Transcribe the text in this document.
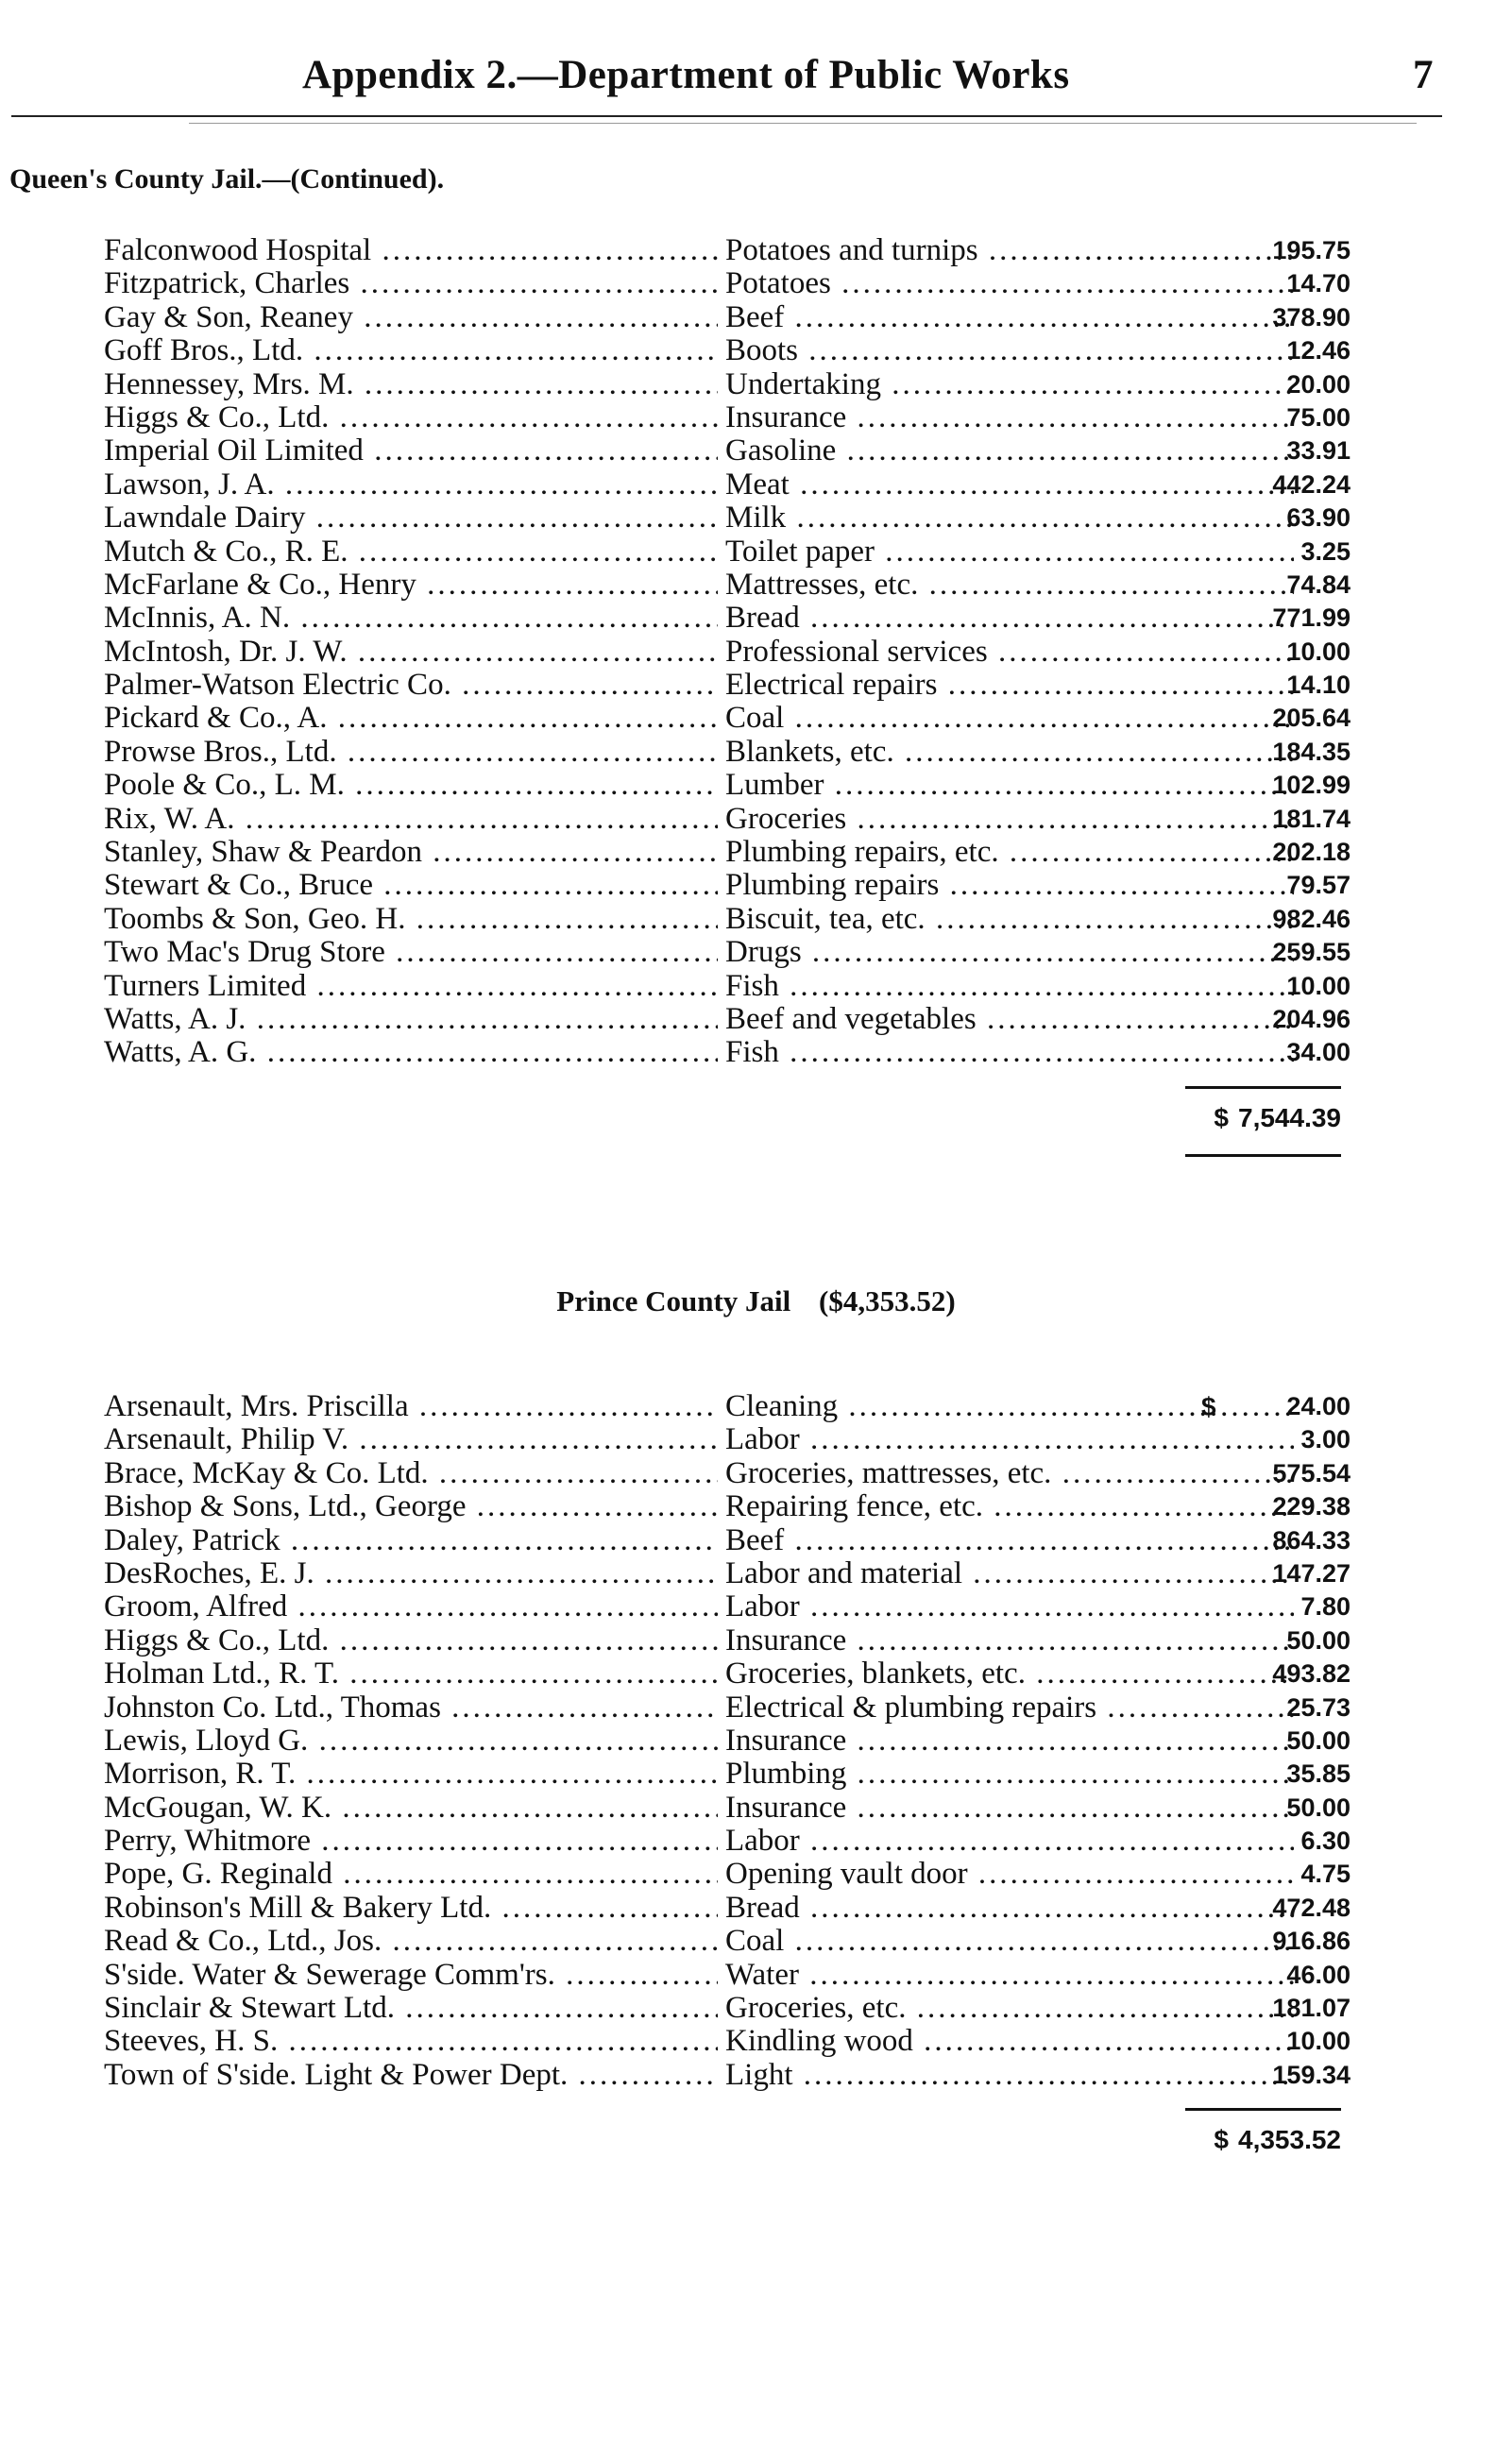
Appendix 2.—Department of Public Works	7
Queen's County Jail.—(Continued).
Falconwood Hospital .....	Potatoes and turnips .....	195.75
Fitzpatrick, Charles .....	Potatoes .....	14.70
Gay & Son, Reaney .....	Beef .....	378.90
Goff Bros., Ltd. .....	Boots .....	12.46
Hennessey, Mrs. M. .....	Undertaking .....	20.00
Higgs & Co., Ltd. .....	Insurance .....	75.00
Imperial Oil Limited .....	Gasoline .....	33.91
Lawson, J. A. .....	Meat .....	442.24
Lawndale Dairy .....	Milk .....	63.90
Mutch & Co., R. E. .....	Toilet paper .....	3.25
McFarlane & Co., Henry .....	Mattresses, etc. .....	74.84
McInnis, A. N. .....	Bread .....	771.99
McIntosh, Dr. J. W. .....	Professional services .....	10.00
Palmer-Watson Electric Co. .....	Electrical repairs .....	14.10
Pickard & Co., A. .....	Coal .....	205.64
Prowse Bros., Ltd. .....	Blankets, etc. .....	184.35
Poole & Co., L. M. .....	Lumber .....	102.99
Rix, W. A. .....	Groceries .....	181.74
Stanley, Shaw & Peardon .....	Plumbing repairs, etc. .....	202.18
Stewart & Co., Bruce .....	Plumbing repairs .....	79.57
Toombs & Son, Geo. H. .....	Biscuit, tea, etc. .....	982.46
Two Mac's Drug Store .....	Drugs .....	259.55
Turners Limited .....	Fish .....	10.00
Watts, A. J. .....	Beef and vegetables .....	204.96
Watts, A. G. .....	Fish .....	34.00
$ 7,544.39
Prince County Jail ($4,353.52)
Arsenault, Mrs. Priscilla .....	Cleaning .....	$	24.00
Arsenault, Philip V. .....	Labor .....	3.00
Brace, McKay & Co. Ltd. .....	Groceries, mattresses, etc. .....	575.54
Bishop & Sons, Ltd., George .....	Repairing fence, etc. .....	229.38
Daley, Patrick .....	Beef .....	864.33
DesRoches, E. J. .....	Labor and material .....	147.27
Groom, Alfred .....	Labor .....	7.80
Higgs & Co., Ltd. .....	Insurance .....	50.00
Holman Ltd., R. T. .....	Groceries, blankets, etc. .....	493.82
Johnston Co. Ltd., Thomas .....	Electrical & plumbing repairs .....	25.73
Lewis, Lloyd G. .....	Insurance .....	50.00
Morrison, R. T. .....	Plumbing .....	35.85
McGougan, W. K. .....	Insurance .....	50.00
Perry, Whitmore .....	Labor .....	6.30
Pope, G. Reginald .....	Opening vault door .....	4.75
Robinson's Mill & Bakery Ltd. .....	Bread .....	472.48
Read & Co., Ltd., Jos. .....	Coal .....	916.86
S'side. Water & Sewerage Comm'rs. .....	Water .....	46.00
Sinclair & Stewart Ltd. .....	Groceries, etc. .....	181.07
Steeves, H. S. .....	Kindling wood .....	10.00
Town of S'side. Light & Power Dept. .....	Light .....	159.34
$ 4,353.52
